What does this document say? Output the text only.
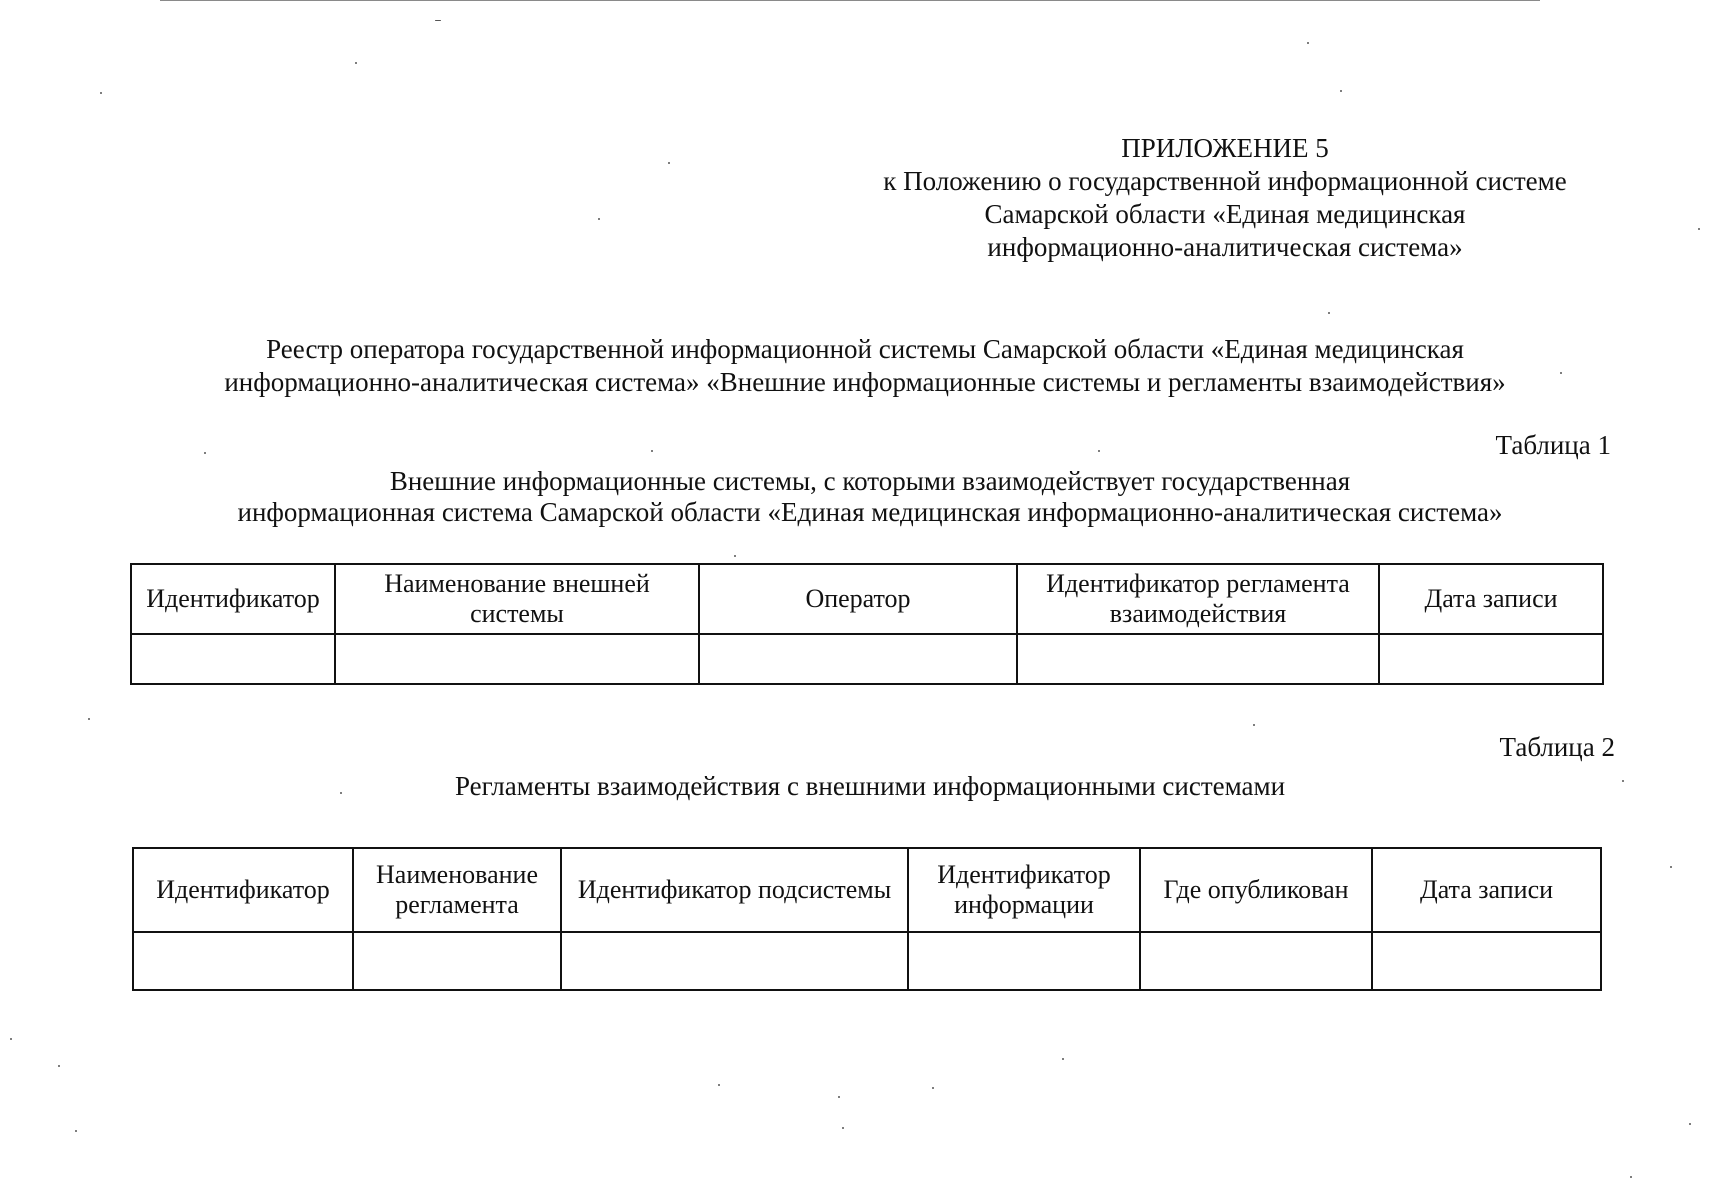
ПРИЛОЖЕНИЕ 5
к Положению о государственной информационной системе
Самарской области «Единая медицинская
информационно-аналитическая система»
Реестр оператора государственной информационной системы Самарской области «Единая медицинская
информационно-аналитическая система» «Внешние информационные системы и регламенты взаимодействия»
Таблица 1
Внешние информационные системы, с которыми взаимодействует государственная
информационная система Самарской области «Единая медицинская информационно-аналитическая система»
Идентификатор	Наименование внешней системы	Оператор	Идентификатор регламента взаимодействия	Дата записи

Таблица 2
Регламенты взаимодействия с внешними информационными системами
Идентификатор	Наименование регламента	Идентификатор подсистемы	Идентификатор информации	Где опубликован	Дата записи
